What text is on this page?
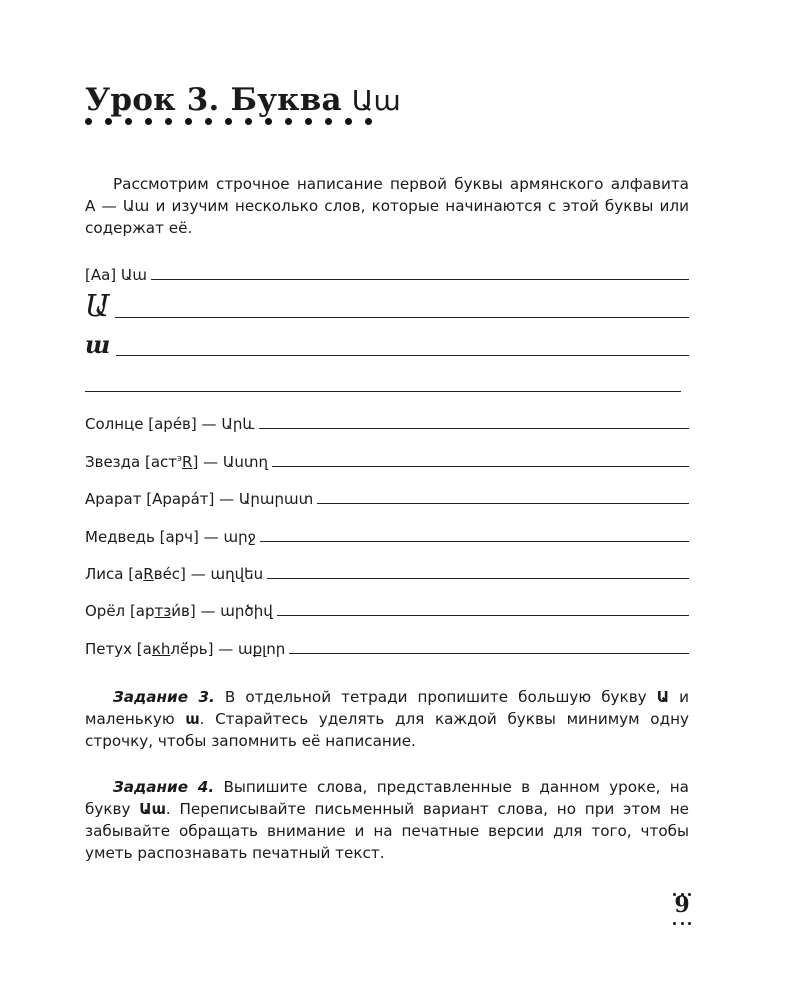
Урок 3. Буква Աա
Рассмотрим строчное написание первой буквы армянского алфавита А — Աա и изучим несколько слов, которые начинаются с этой буквы или содержат её.
[Aa] Աա
Ա
ա
Солнце [аре́в] — Արև
Звезда [аст$^э$R] — Աստղ
Арарат [Арара́т] — Արարատ
Медведь [арч] — արջ
Лиса [аRве́с] — աղվես
Орёл [артзи́в] — արծիվ
Петух [акhлё́рь] — աքլոր
Задание 3. В отдельной тетради пропишите большую букву Ա и маленькую ա. Старайтесь уделять для каждой буквы минимум одну строчку, чтобы запомнить её написание.
Задание 4. Выпишите слова, представленные в данном уроке, на букву Աա. Переписывайте письменный вариант слова, но при этом не забывайте обращать внимание и на печатные версии для того, чтобы уметь распознавать печатный текст.
9
